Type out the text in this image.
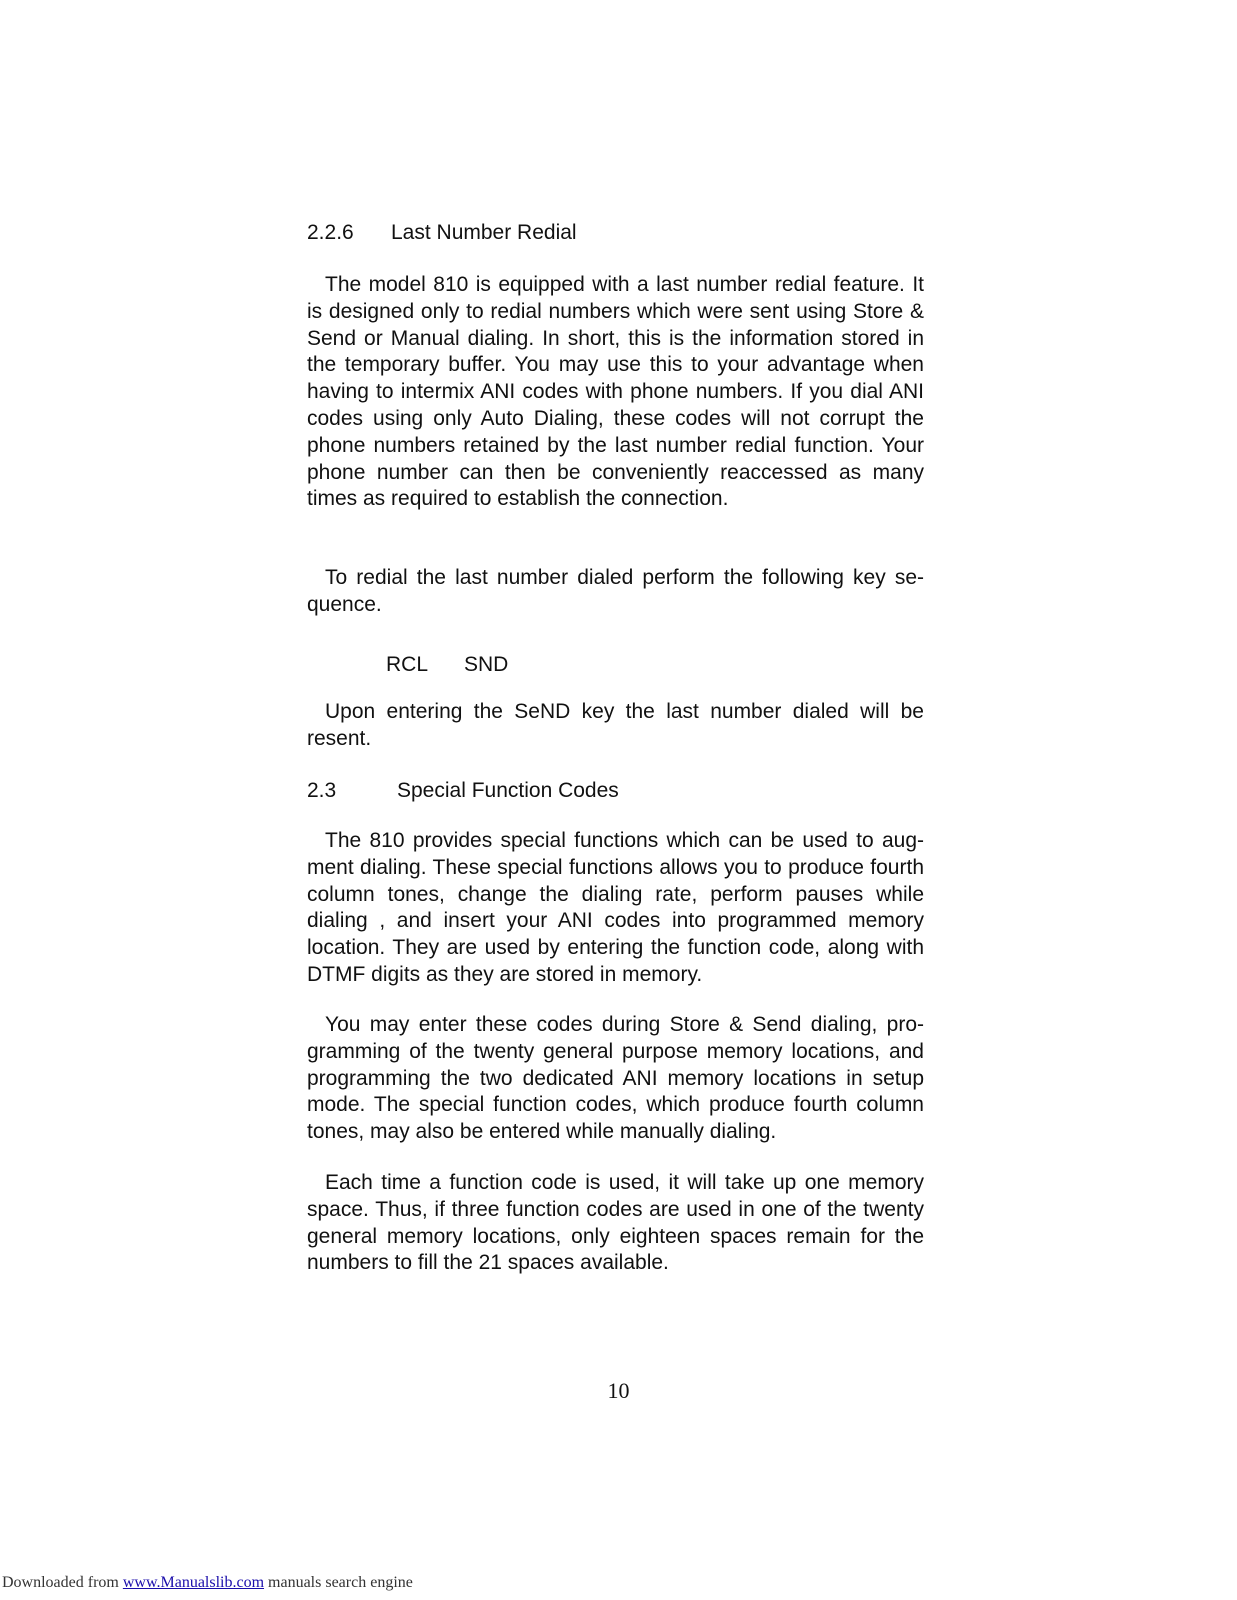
2.2.6 Last Number Redial

The model 810 is equipped with a last number redial feature. It is designed only to redial numbers which were sent using Store & Send or Manual dialing. In short, this is the information stored in the temporary buffer. You may use this to your advantage when having to intermix ANI codes with phone numbers. If you dial ANI codes using only Auto Dialing, these codes will not corrupt the phone numbers retained by the last number redial function. Your phone number can then be conveniently reaccessed as many times as required to establish the connection.

To redial the last number dialed perform the following key sequence.

RCL SND

Upon entering the SeND key the last number dialed will be resent.

2.3	Special Function Codes

The 810 provides special functions which can be used to augment dialing. These special functions allows you to produce fourth column tones, change the dialing rate, perform pauses while dialing , and insert your ANI codes into programmed memory location. They are used by entering the function code, along with DTMF digits as they are stored in memory.

You may enter these codes during Store & Send dialing, programming of the twenty general purpose memory locations, and programming the two dedicated ANI memory locations in setup mode. The special function codes, which produce fourth column tones, may also be entered while manually dialing.

Each time a function code is used, it will take up one memory space. Thus, if three function codes are used in one of the twenty general memory locations, only eighteen spaces remain for the numbers to fill the 21 spaces available.

10
Downloaded from www.Manualslib.com manuals search engine
